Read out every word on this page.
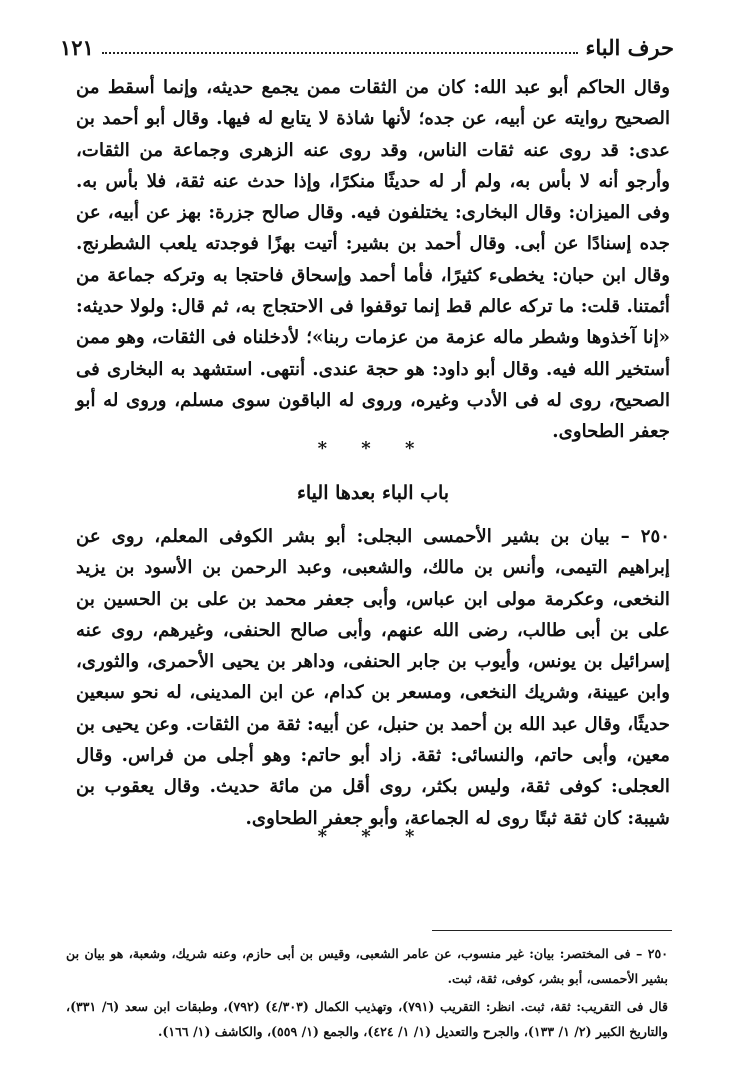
حرف الباء
١٢١
وقال الحاكم أبو عبد الله: كان من الثقات ممن يجمع حديثه، وإنما أسقط من الصحيح روايته عن أبيه، عن جده؛ لأنها شاذة لا يتابع له فيها. وقال أبو أحمد بن عدى: قد روى عنه ثقات الناس، وقد روى عنه الزهرى وجماعة من الثقات، وأرجو أنه لا بأس به، ولم أر له حديثًا منكرًا، وإذا حدث عنه ثقة، فلا بأس به. وفى الميزان: وقال البخارى: يختلفون فيه. وقال صالح جزرة: بهز عن أبيه، عن جده إسنادًا عن أبى. وقال أحمد بن بشير: أتيت بهزًا فوجدته يلعب الشطرنج. وقال ابن حبان: يخطىء كثيرًا، فأما أحمد وإسحاق فاحتجا به وتركه جماعة من أئمتنا. قلت: ما تركه عالم قط إنما توقفوا فى الاحتجاج به، ثم قال: ولولا حديثه: «إنا آخذوها وشطر ماله عزمة من عزمات ربنا»؛ لأدخلناه فى الثقات، وهو ممن أستخير الله فيه. وقال أبو داود: هو حجة عندى. أنتهى. استشهد به البخارى فى الصحيح، روى له فى الأدب وغيره، وروى له الباقون سوى مسلم، وروى له أبو جعفر الطحاوى.
* * *
باب الباء بعدها الياء
٢٥٠ – بيان بن بشير الأحمسى البجلى: أبو بشر الكوفى المعلم، روى عن إبراهيم التيمى، وأنس بن مالك، والشعبى، وعبد الرحمن بن الأسود بن يزيد النخعى، وعكرمة مولى ابن عباس، وأبى جعفر محمد بن على بن الحسين بن على بن أبى طالب، رضى الله عنهم، وأبى صالح الحنفى، وغيرهم، روى عنه إسرائيل بن يونس، وأيوب بن جابر الحنفى، وداهر بن يحيى الأحمرى، والثورى، وابن عيينة، وشريك النخعى، ومسعر بن كدام، عن ابن المدينى، له نحو سبعين حديثًا، وقال عبد الله بن أحمد بن حنبل، عن أبيه: ثقة من الثقات. وعن يحيى بن معين، وأبى حاتم، والنسائى: ثقة. زاد أبو حاتم: وهو أجلى من فراس. وقال العجلى: كوفى ثقة، وليس بكثر، روى أقل من مائة حديث. وقال يعقوب بن شيبة: كان ثقة ثبتًا روى له الجماعة، وأبو جعفر الطحاوى.
* * *

٢٥٠ – فى المختصر: بيان: غير منسوب، عن عامر الشعبى، وقيس بن أبى حازم، وعنه شريك، وشعبة، هو بيان بن بشير الأحمسى، أبو بشر، كوفى، ثقة، ثبت.

قال فى التقريب: ثقة، ثبت. انظر: التقريب (٧٩١)، وتهذيب الكمال (٤/٣٠٣) (٧٩٢)، وطبقات ابن سعد (٦/ ٣٣١)، والتاريخ الكبير (٢/ ١/ ١٣٣)، والجرح والتعديل (١/ ١/ ٤٢٤)، والجمع (١/ ٥٥٩)، والكاشف (١/ ١٦٦).
